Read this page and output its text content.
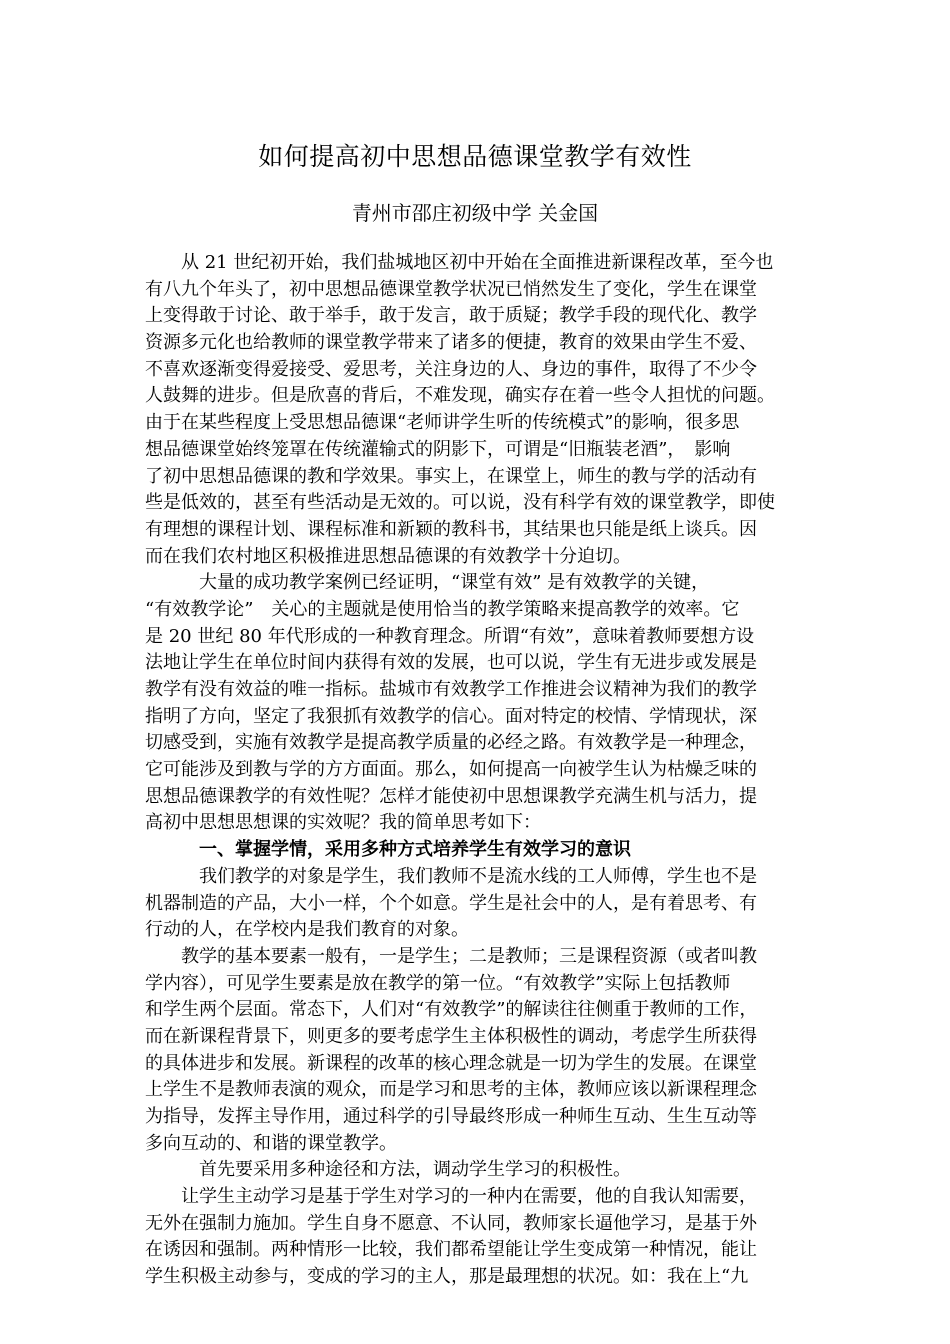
如何提高初中思想品德课堂教学有效性
青州市邵庄初级中学 关金国
　　从 21 世纪初开始，我们盐城地区初中开始在全面推进新课程改革，至今也
有八九个年头了，初中思想品德课堂教学状况已悄然发生了变化，学生在课堂
上变得敢于讨论、敢于举手，敢于发言，敢于质疑；教学手段的现代化、教学
资源多元化也给教师的课堂教学带来了诸多的便捷，教育的效果由学生不爱、
不喜欢逐渐变得爱接受、爱思考，关注身边的人、身边的事件，取得了不少令
人鼓舞的进步。但是欣喜的背后，不难发现，确实存在着一些令人担忧的问题。
由于在某些程度上受思想品德课“老师讲学生听的传统模式”的影响，很多思
想品德课堂始终笼罩在传统灌输式的阴影下，可谓是“旧瓶装老酒”，　影响
了初中思想品德课的教和学效果。事实上，在课堂上，师生的教与学的活动有
些是低效的，甚至有些活动是无效的。可以说，没有科学有效的课堂教学，即使
有理想的课程计划、课程标准和新颖的教科书，其结果也只能是纸上谈兵。因
而在我们农村地区积极推进思想品德课的有效教学十分迫切。
　　　大量的成功教学案例已经证明，“课堂有效” 是有效教学的关键，
“有效教学论”　关心的主题就是使用恰当的教学策略来提高教学的效率。它
是 20 世纪 80 年代形成的一种教育理念。所谓“有效”，意味着教师要想方设
法地让学生在单位时间内获得有效的发展，也可以说，学生有无进步或发展是
教学有没有效益的唯一指标。盐城市有效教学工作推进会议精神为我们的教学
指明了方向，坚定了我狠抓有效教学的信心。面对特定的校情、学情现状，深
切感受到，实施有效教学是提高教学质量的必经之路。有效教学是一种理念，
它可能涉及到教与学的方方面面。那么，如何提高一向被学生认为枯燥乏味的
思想品德课教学的有效性呢？怎样才能使初中思想课教学充满生机与活力，提
高初中思想思想课的实效呢？我的简单思考如下：
　　　一、掌握学情，采用多种方式培养学生有效学习的意识
　　　我们教学的对象是学生，我们教师不是流水线的工人师傅，学生也不是
机器制造的产品，大小一样，个个如意。学生是社会中的人，是有着思考、有
行动的人，在学校内是我们教育的对象。
　　教学的基本要素一般有，一是学生；二是教师；三是课程资源（或者叫教
学内容），可见学生要素是放在教学的第一位。“有效教学”实际上包括教师
和学生两个层面。常态下，人们对“有效教学”的解读往往侧重于教师的工作，
而在新课程背景下，则更多的要考虑学生主体积极性的调动，考虑学生所获得
的具体进步和发展。新课程的改革的核心理念就是一切为学生的发展。在课堂
上学生不是教师表演的观众，而是学习和思考的主体，教师应该以新课程理念
为指导，发挥主导作用，通过科学的引导最终形成一种师生互动、生生互动等
多向互动的、和谐的课堂教学。
　　　首先要采用多种途径和方法，调动学生学习的积极性。
　　让学生主动学习是基于学生对学习的一种内在需要，他的自我认知需要，
无外在强制力施加。学生自身不愿意、不认同，教师家长逼他学习，是基于外
在诱因和强制。两种情形一比较，我们都希望能让学生变成第一种情况，能让
学生积极主动参与，变成的学习的主人，那是最理想的状况。如：我在上“九
